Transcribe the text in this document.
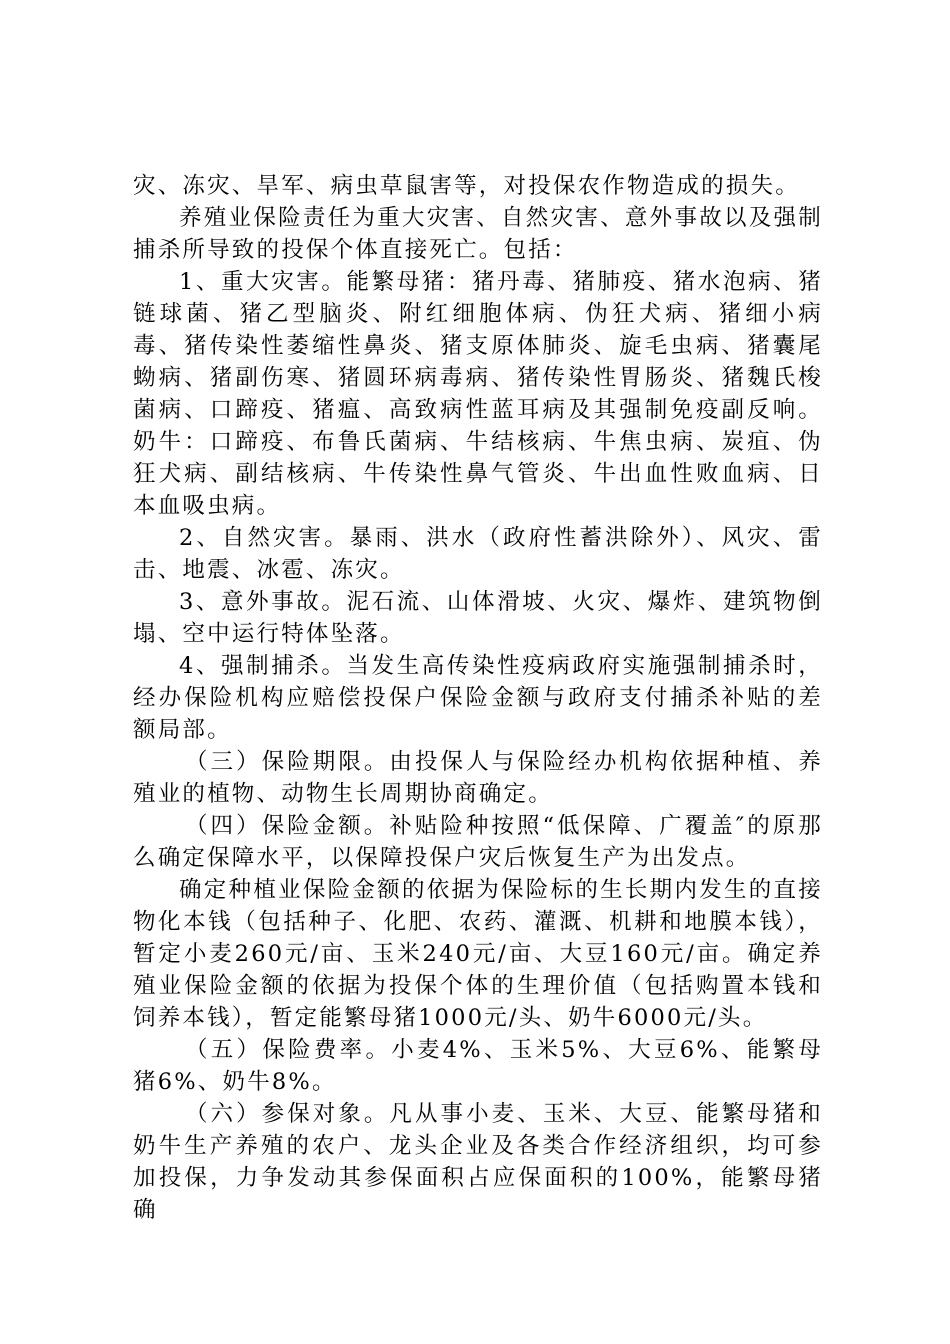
灾、冻灾、旱军、病虫草鼠害等，对投保农作物造成的损失。

养殖业保险责任为重大灾害、自然灾害、意外事故以及强制捕杀所导致的投保个体直接死亡。包括：

1、重大灾害。能繁母猪：猪丹毒、猪肺疫、猪水泡病、猪链球菌、猪乙型脑炎、附红细胞体病、伪狂犬病、猪细小病毒、猪传染性萎缩性鼻炎、猪支原体肺炎、旋毛虫病、猪囊尾蚴病、猪副伤寒、猪圆环病毒病、猪传染性胃肠炎、猪魏氏梭菌病、口蹄疫、猪瘟、高致病性蓝耳病及其强制免疫副反响。奶牛：口蹄疫、布鲁氏菌病、牛结核病、牛焦虫病、炭疽、伪狂犬病、副结核病、牛传染性鼻气管炎、牛出血性败血病、日本血吸虫病。

2、自然灾害。暴雨、洪水（政府性蓄洪除外）、风灾、雷击、地震、冰雹、冻灾。

3、意外事故。泥石流、山体滑坡、火灾、爆炸、建筑物倒塌、空中运行特体坠落。

4、强制捕杀。当发生高传染性疫病政府实施强制捕杀时，经办保险机构应赔偿投保户保险金额与政府支付捕杀补贴的差额局部。

（三）保险期限。由投保人与保险经办机构依据种植、养殖业的植物、动物生长周期协商确定。

（四）保险金额。补贴险种按照“低保障、广覆盖″的原那么确定保障水平，以保障投保户灾后恢复生产为出发点。

确定种植业保险金额的依据为保险标的生长期内发生的直接物化本钱（包括种子、化肥、农药、灌溉、机耕和地膜本钱），暂定小麦260元/亩、玉米240元/亩、大豆160元/亩。确定养殖业保险金额的依据为投保个体的生理价值（包括购置本钱和饲养本钱），暂定能繁母猪1000元/头、奶牛6000元/头。

（五）保险费率。小麦4%、玉米5%、大豆6%、能繁母猪6%、奶牛8%。

（六）参保对象。凡从事小麦、玉米、大豆、能繁母猪和奶牛生产养殖的农户、龙头企业及各类合作经济组织，均可参加投保，力争发动其参保面积占应保面积的100%，能繁母猪确
